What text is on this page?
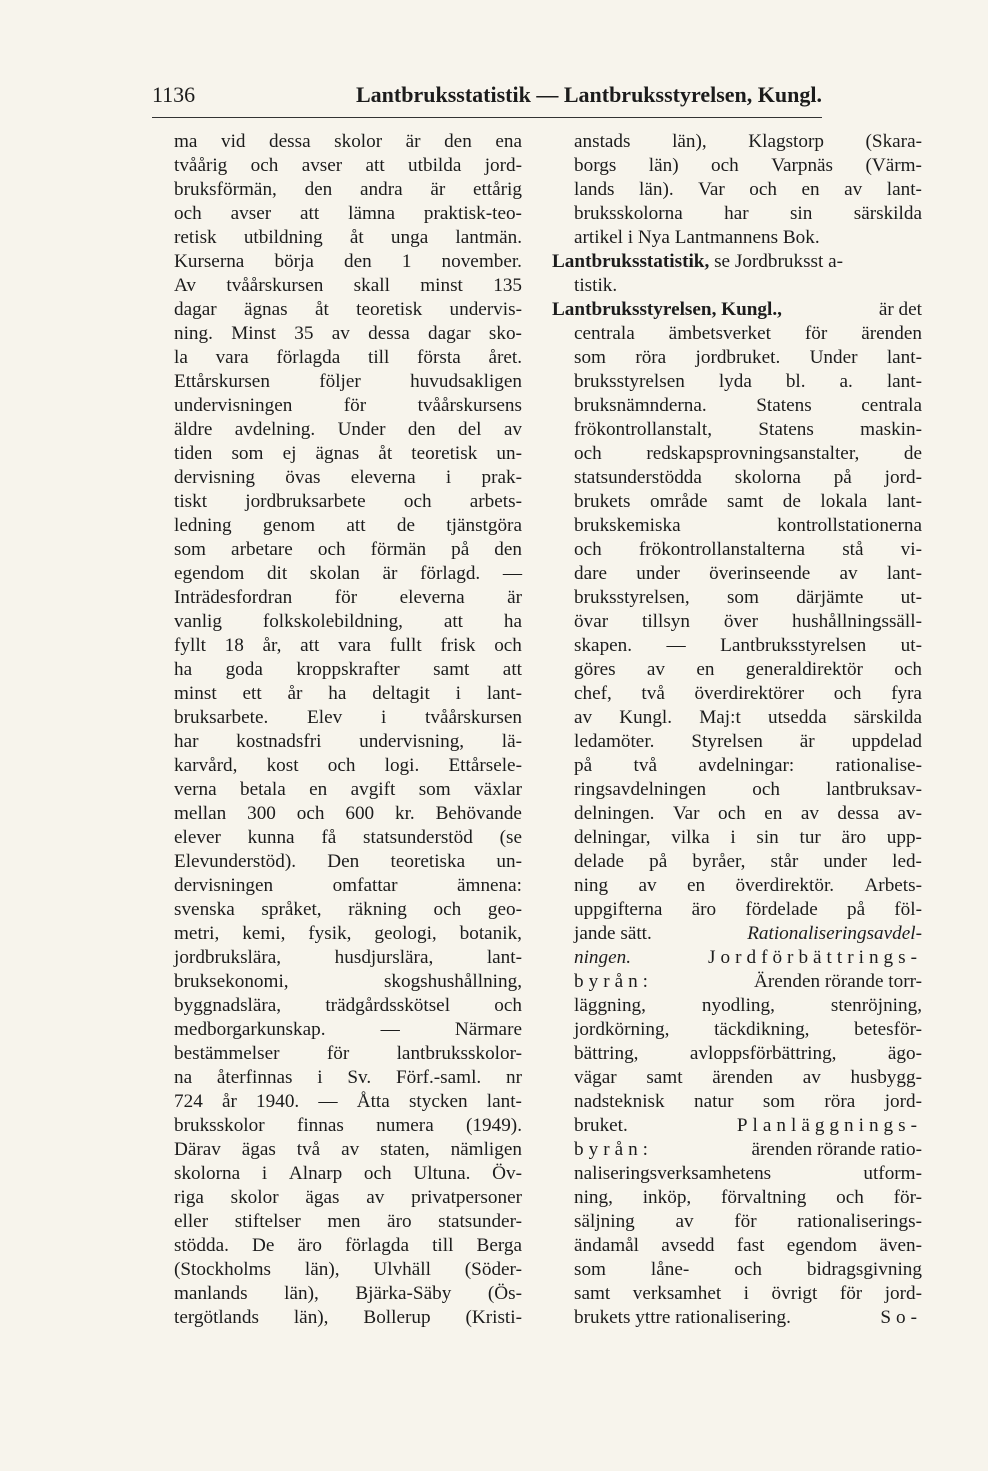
1136	Lantbruksstatistik — Lantbruksstyrelsen, Kungl.
ma vid dessa skolor är den ena
tvåårig och avser att utbilda jord-
bruksförmän, den andra är ettårig
och avser att lämna praktisk-teo-
retisk utbildning åt unga lantmän.
Kurserna börja den 1 november.
Av tvåårskursen skall minst 135
dagar ägnas åt teoretisk undervis-
ning. Minst 35 av dessa dagar sko-
la vara förlagda till första året.
Ettårskursen	följer	huvudsakligen
undervisningen	för	tvåårskursens
äldre avdelning. Under den del av
tiden som ej ägnas åt teoretisk un-
dervisning övas eleverna i prak-
tiskt jordbruksarbete och arbets-
ledning genom att de tjänstgöra
som arbetare och förmän på den
egendom dit skolan är förlagd. —
Inträdesfordran för eleverna är
vanlig folkskolebildning, att ha
fyllt 18 år, att vara fullt frisk och
ha goda kroppskrafter samt att
minst ett år ha deltagit i lant-
bruksarbete. Elev i tvåårskursen
har kostnadsfri undervisning, lä-
karvård, kost och logi. Ettårsele-
verna betala en avgift som växlar
mellan 300 och 600 kr. Behövande
elever kunna få statsunderstöd (se
Elevunderstöd). Den teoretiska un-
dervisningen	omfattar	ämnena:
svenska språket, räkning och geo-
metri, kemi, fysik, geologi, botanik,
jordbrukslära,	husdjurslära,	lant-
bruksekonomi,	skogshushållning,
byggnadslära, trädgårdsskötsel och
medborgarkunskap.	—	Närmare
bestämmelser för lantbruksskolor-
na återfinnas i Sv. Förf.-saml. nr
724 år 1940. — Åtta stycken lant-
bruksskolor finnas numera (1949).
Därav ägas två av staten, nämligen
skolorna i Alnarp och Ultuna. Öv-
riga skolor ägas av privatpersoner
eller stiftelser men äro statsunder-
stödda. De äro förlagda till Berga
(Stockholms län), Ulvhäll (Söder-
manlands län), Bjärka-Säby (Ös-
tergötlands län), Bollerup (Kristi-
anstads län), Klagstorp (Skara-
borgs län) och Varpnäs (Värm-
lands län). Var och en av lant-
bruksskolorna har sin särskilda
artikel i Nya Lantmannens Bok.
Lantbruksstatistik, se Jordbruksst a-
tistik.
Lantbruksstyrelsen, Kungl.,	är det
centrala ämbetsverket för ärenden
som röra jordbruket. Under lant-
bruksstyrelsen lyda bl. a. lant-
bruksnämnderna.	Statens	centrala
frökontrollanstalt, Statens maskin-
och redskapsprovningsanstalter, de
statsunderstödda skolorna på jord-
brukets område samt de lokala lant-
brukskemiska	kontrollstationerna
och frökontrollanstalterna stå vi-
dare under överinseende av lant-
bruksstyrelsen, som därjämte ut-
övar tillsyn över hushållningssäll-
skapen. — Lantbruksstyrelsen ut-
göres av en generaldirektör och
chef, två överdirektörer och fyra
av Kungl. Maj:t utsedda särskilda
ledamöter. Styrelsen är uppdelad
på två avdelningar: rationalise-
ringsavdelningen och lantbruksav-
delningen. Var och en av dessa av-
delningar, vilka i sin tur äro upp-
delade på byråer, står under led-
ning av en överdirektör. Arbets-
uppgifterna äro fördelade på föl-
jande sätt.	Rationaliseringsavdel-
ningen.	Jordförbättrings-
byrån:	Ärenden rörande torr-
läggning,	nyodling,	stenröjning,
jordkörning, täckdikning, betesför-
bättring,	avloppsförbättring,	ägo-
vägar samt ärenden av husbygg-
nadsteknisk natur som röra jord-
bruket.	Planläggnings-
byrån:	ärenden rörande ratio-
naliseringsverksamhetens	utform-
ning, inköp, förvaltning och för-
säljning av för rationaliserings-
ändamål avsedd fast egendom även-
som låne- och bidragsgivning
samt verksamhet i övrigt för jord-
brukets yttre rationalisering.	So-
